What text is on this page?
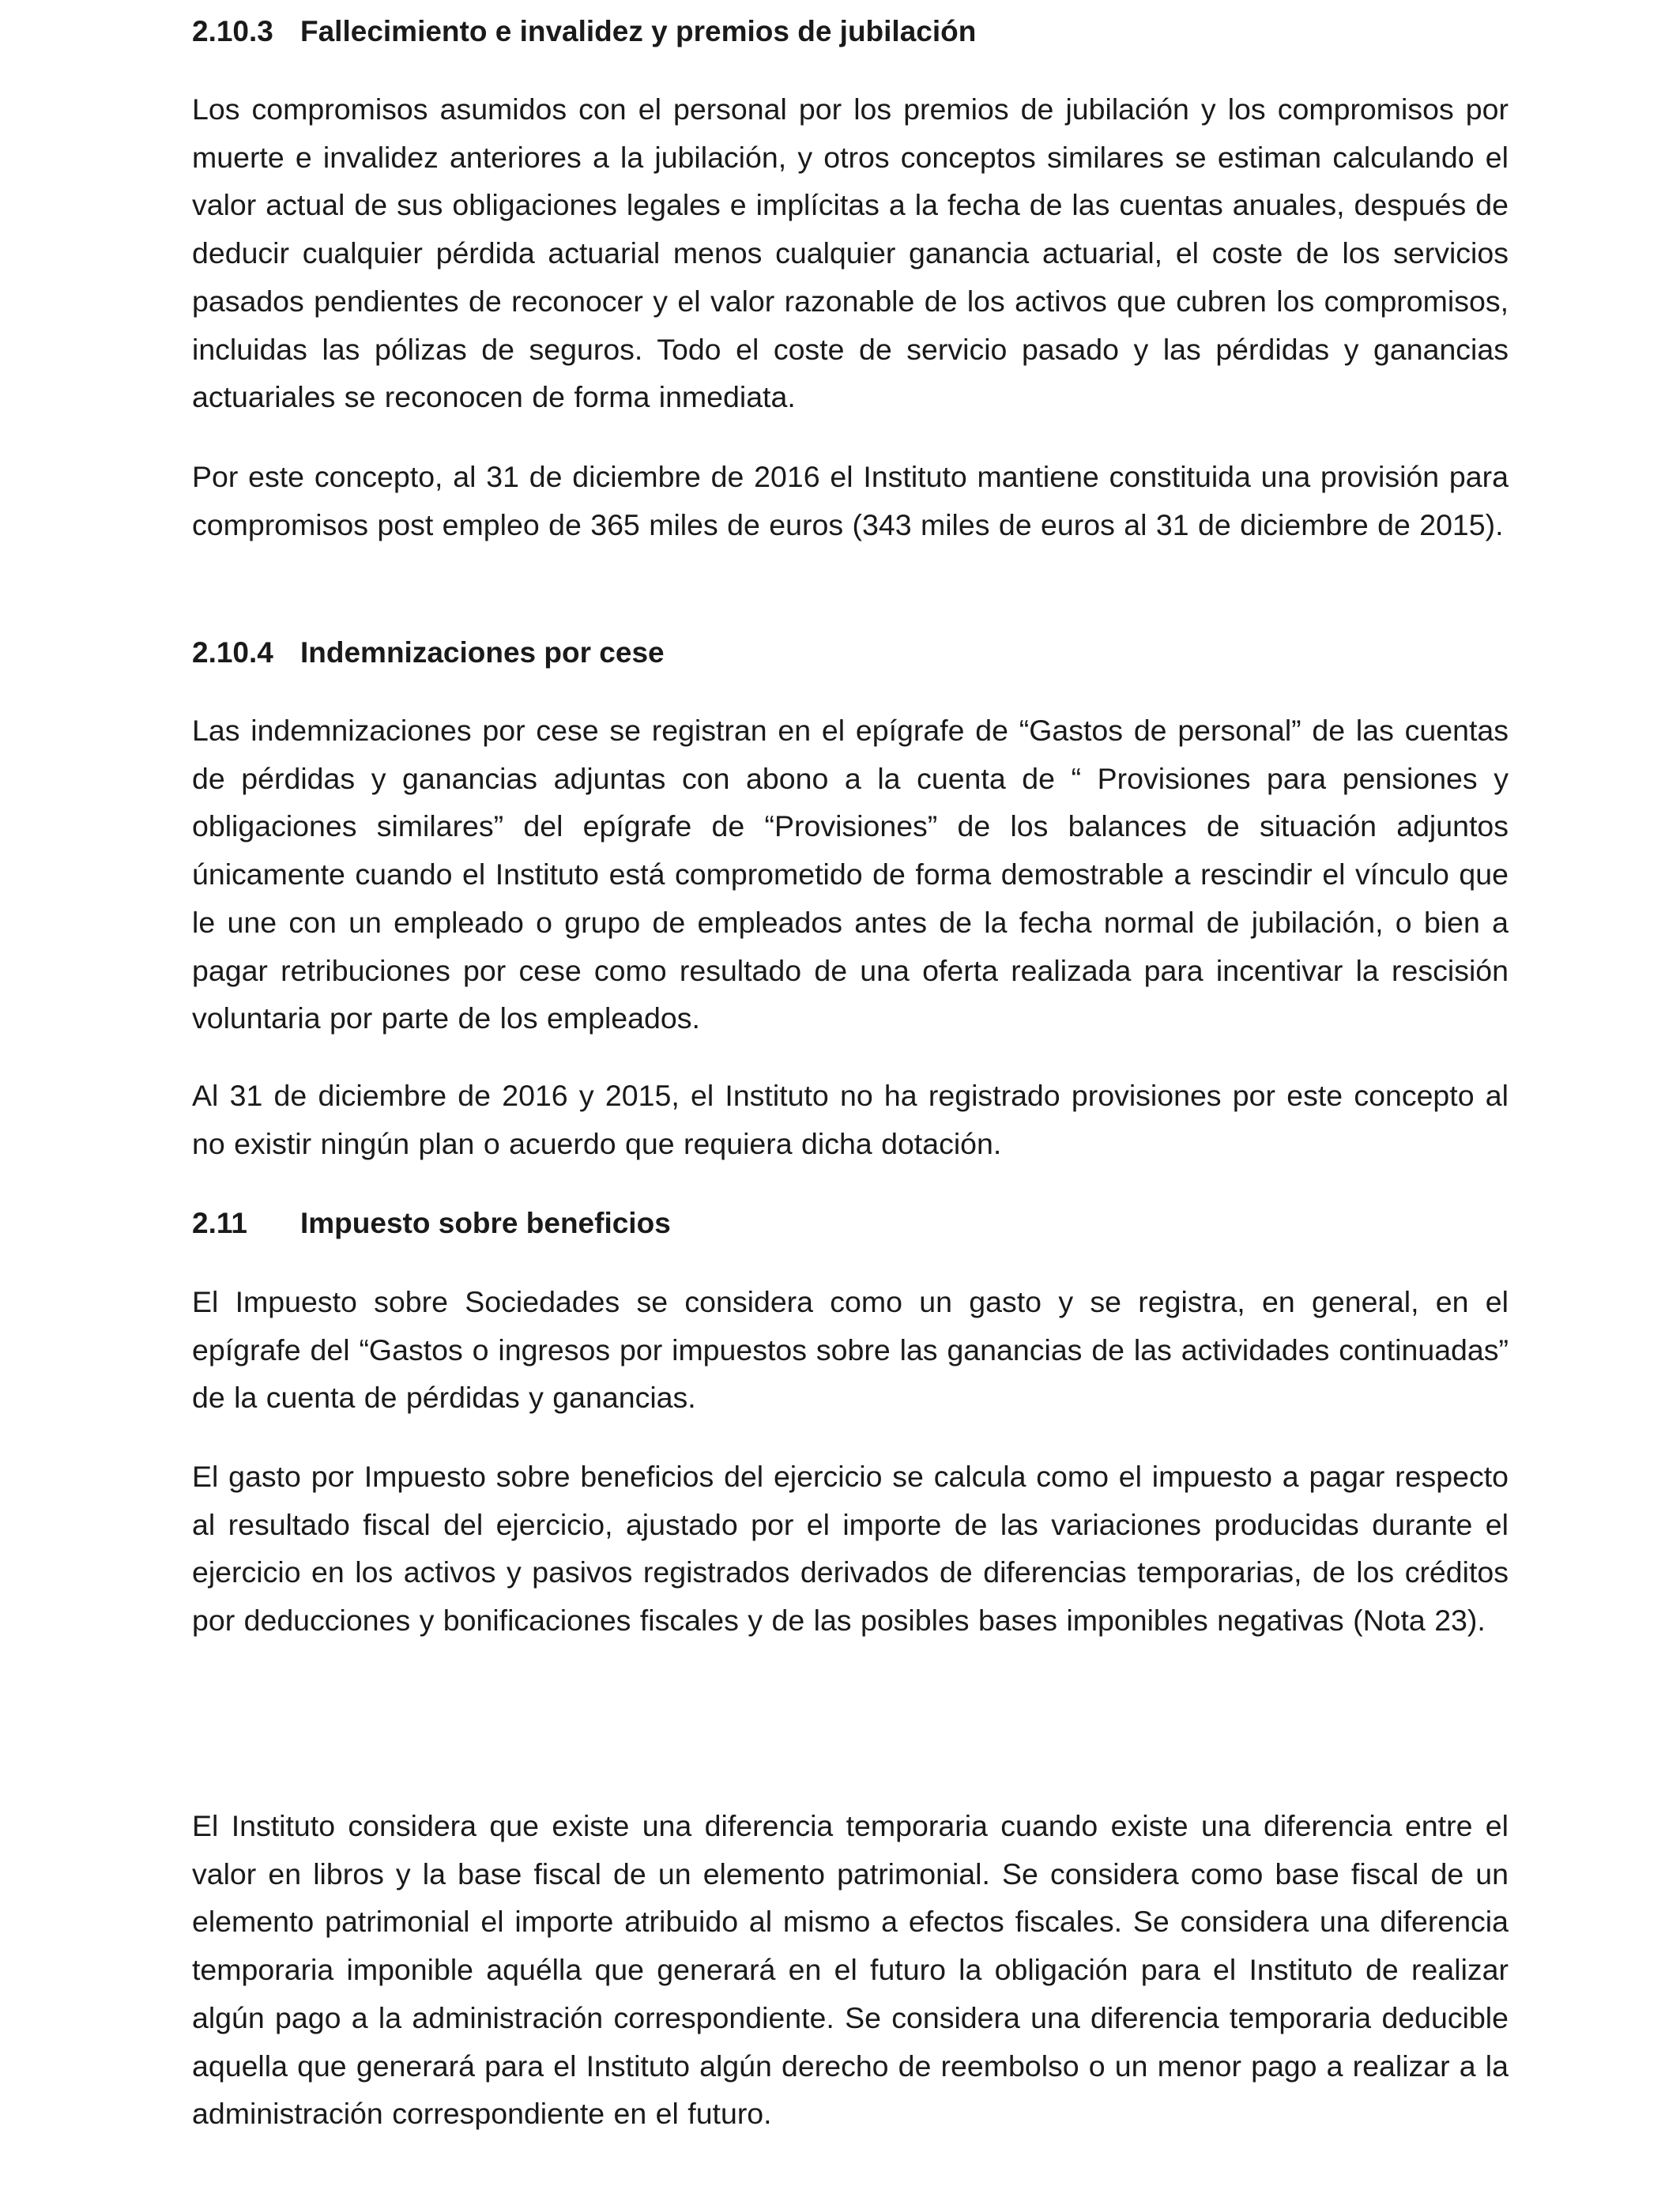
2.10.3 Fallecimiento e invalidez y premios de jubilación

Los compromisos asumidos con el personal por los premios de jubilación y los compromisos por muerte e invalidez anteriores a la jubilación, y otros conceptos similares se estiman calculando el valor actual de sus obligaciones legales e implícitas a la fecha de las cuentas anuales, después de deducir cualquier pérdida actuarial menos cualquier ganancia actuarial, el coste de los servicios pasados pendientes de reconocer y el valor razonable de los activos que cubren los compromisos, incluidas las pólizas de seguros. Todo el coste de servicio pasado y las pérdidas y ganancias actuariales se reconocen de forma inmediata.

Por este concepto, al 31 de diciembre de 2016 el Instituto mantiene constituida una provisión para compromisos post empleo de 365 miles de euros (343 miles de euros al 31 de diciembre de 2015).

2.10.4 Indemnizaciones por cese

Las indemnizaciones por cese se registran en el epígrafe de “Gastos de personal” de las cuentas de pérdidas y ganancias adjuntas con abono a la cuenta de “ Provisiones para pensiones y obligaciones similares” del epígrafe de “Provisiones” de los balances de situación adjuntos únicamente cuando el Instituto está comprometido de forma demostrable a rescindir el vínculo que le une con un empleado o grupo de empleados antes de la fecha normal de jubilación, o bien a pagar retribuciones por cese como resultado de una oferta realizada para incentivar la rescisión voluntaria por parte de los empleados.

Al 31 de diciembre de 2016 y 2015, el Instituto no ha registrado provisiones por este concepto al no existir ningún plan o acuerdo que requiera dicha dotación.

2.11 Impuesto sobre beneficios

El Impuesto sobre Sociedades se considera como un gasto y se registra, en general, en el epígrafe del “Gastos o ingresos por impuestos sobre las ganancias de las actividades continuadas” de la cuenta de pérdidas y ganancias.

El gasto por Impuesto sobre beneficios del ejercicio se calcula como el impuesto a pagar respecto al resultado fiscal del ejercicio, ajustado por el importe de las variaciones producidas durante el ejercicio en los activos y pasivos registrados derivados de diferencias temporarias, de los créditos por deducciones y bonificaciones fiscales y de las posibles bases imponibles negativas (Nota 23).

El Instituto considera que existe una diferencia temporaria cuando existe una diferencia entre el valor en libros y la base fiscal de un elemento patrimonial. Se considera como base fiscal de un elemento patrimonial el importe atribuido al mismo a efectos fiscales. Se considera una diferencia temporaria imponible aquélla que generará en el futuro la obligación para el Instituto de realizar algún pago a la administración correspondiente. Se considera una diferencia temporaria deducible aquella que generará para el Instituto algún derecho de reembolso o un menor pago a realizar a la administración correspondiente en el futuro.
